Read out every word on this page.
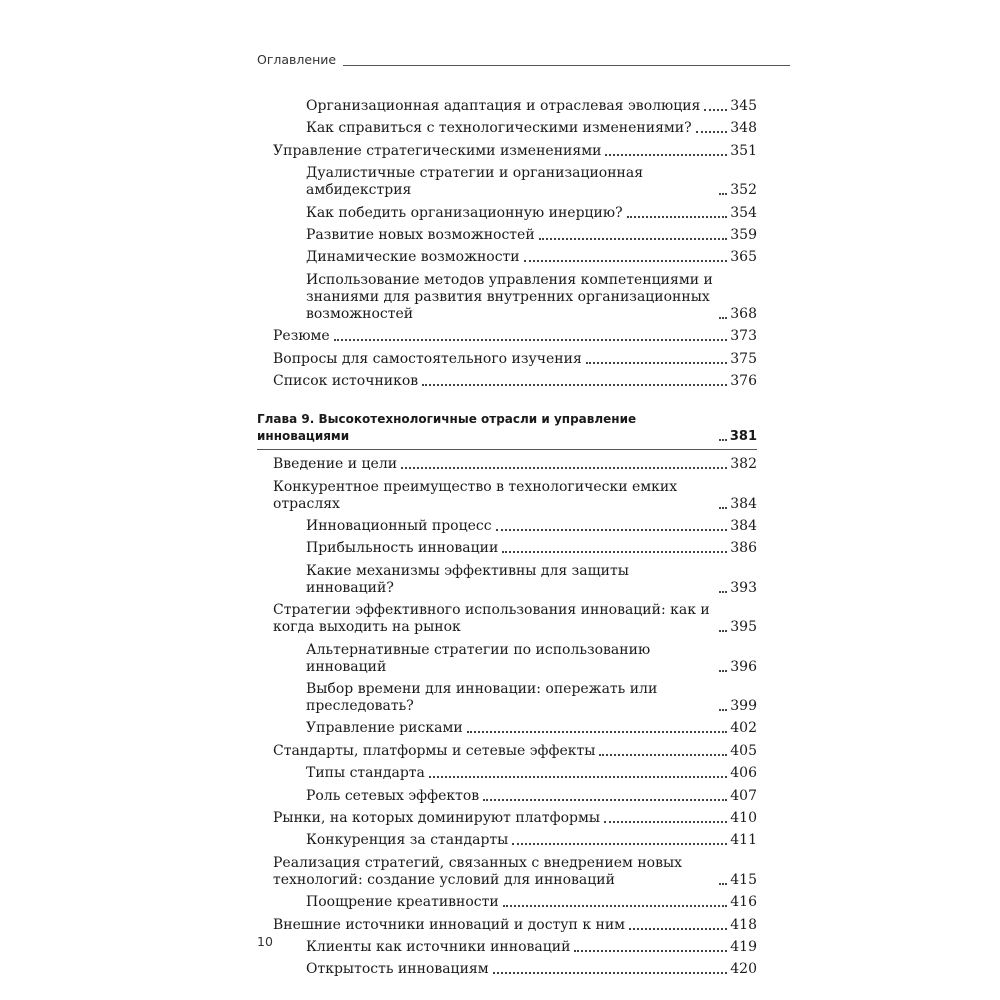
Оглавление
Организационная адаптация и отраслевая эволюция 345
Как справиться с технологическими изменениями?	348
Управление стратегическими изменениями	351
Дуалистичные стратегии и организационная амбидекстрия	352
Как победить организационную инерцию?	354
Развитие новых возможностей	359
Динамические возможности	365
Использование методов управления компетенциями и знаниями для развития внутренних организационных возможностей	368
Резюме	373
Вопросы для самостоятельного изучения	375
Список источников	376
Глава 9. Высокотехнологичные отрасли и управление инновациями	381
Введение и цели	382
Конкурентное преимущество в технологически емких отраслях	384
Инновационный процесс	384
Прибыльность инновации	386
Какие механизмы эффективны для защиты инноваций?	393
Стратегии эффективного использования инноваций: как и когда выходить на рынок	395
Альтернативные стратегии по использованию инноваций	396
Выбор времени для инновации: опережать или преследовать?	399
Управление рисками	402
Стандарты, платформы и сетевые эффекты	405
Типы стандарта	406
Роль сетевых эффектов	407
Рынки, на которых доминируют платформы	410
Конкуренция за стандарты	411
Реализация стратегий, связанных с внедрением новых технологий: создание условий для инноваций	415
Поощрение креативности	416
Внешние источники инноваций и доступ к ним	418
Клиенты как источники инноваций	419
Открытость инновациям	420
10
